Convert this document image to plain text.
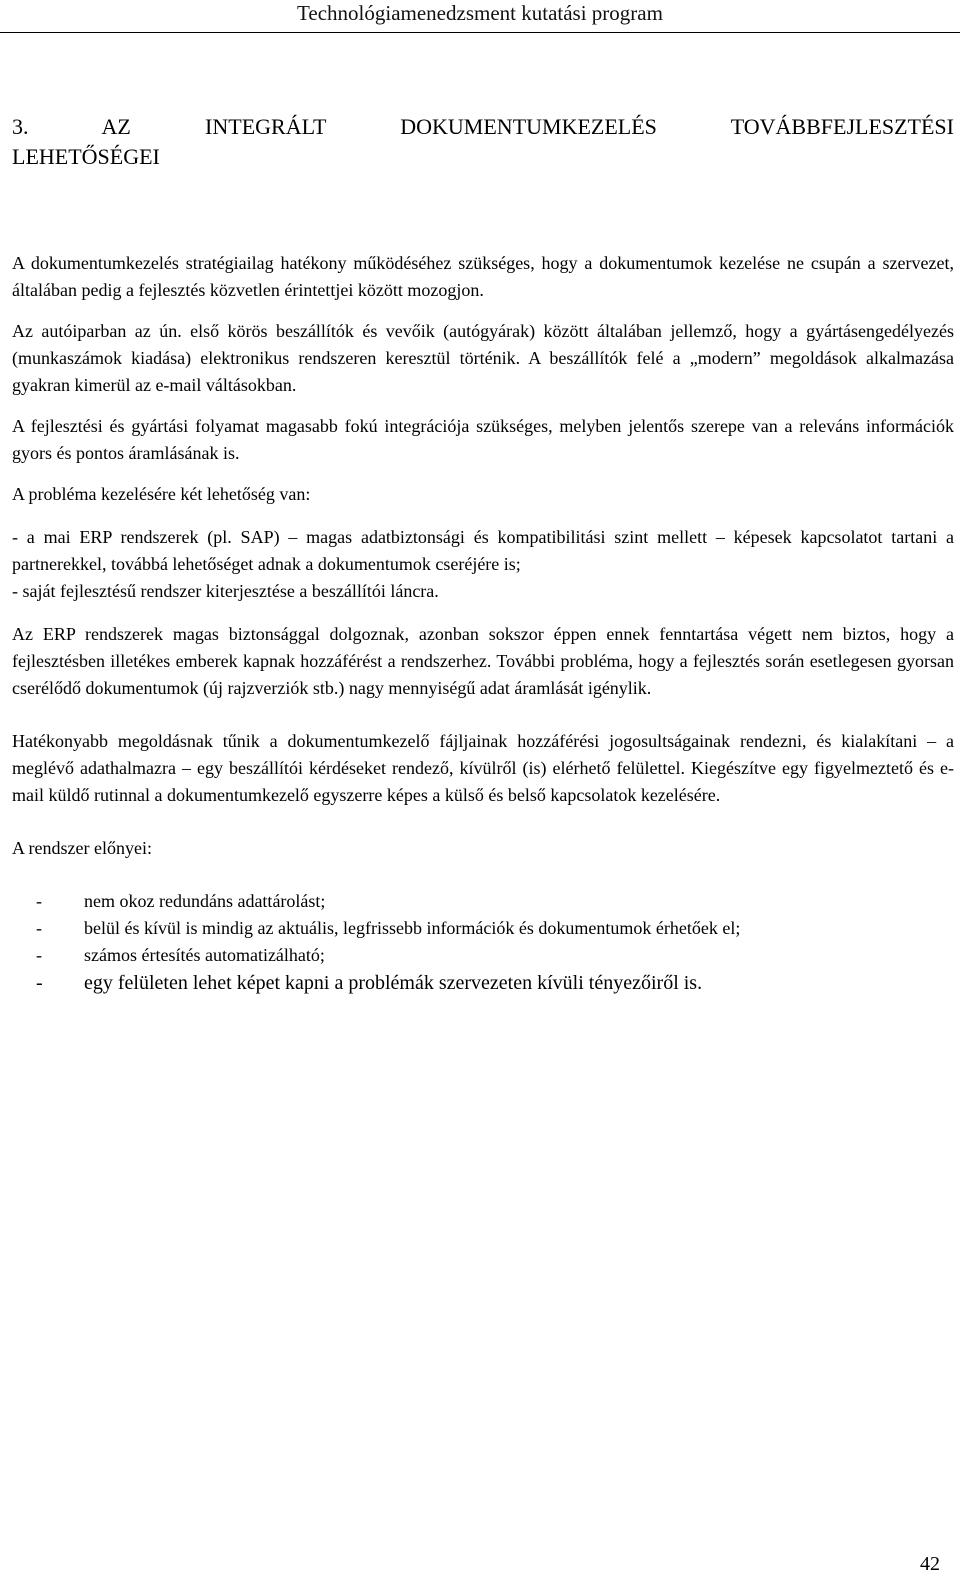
Technológiamenedzsment kutatási program
3. AZ INTEGRÁLT DOKUMENTUMKEZELÉS TOVÁBBFEJLESZTÉSI
LEHETŐSÉGEI

A dokumentumkezelés stratégiailag hatékony működéséhez szükséges, hogy a dokumentumok kezelése ne csupán a szervezet, általában pedig a fejlesztés közvetlen érintettjei között mozogjon.

Az autóiparban az ún. első körös beszállítók és vevőik (autógyárak) között általában jellemző, hogy a gyártásengedélyezés (munkaszámok kiadása) elektronikus rendszeren keresztül történik. A beszállítók felé a „modern” megoldások alkalmazása gyakran kimerül az e-mail váltásokban.

A fejlesztési és gyártási folyamat magasabb fokú integrációja szükséges, melyben jelentős szerepe van a releváns információk gyors és pontos áramlásának is.

A probléma kezelésére két lehetőség van:

- a mai ERP rendszerek (pl. SAP) – magas adatbiztonsági és kompatibilitási szint mellett – képesek kapcsolatot tartani a partnerekkel, továbbá lehetőséget adnak a dokumentumok cseréjére is;

- saját fejlesztésű rendszer kiterjesztése a beszállítói láncra.

Az ERP rendszerek magas biztonsággal dolgoznak, azonban sokszor éppen ennek fenntartása végett nem biztos, hogy a fejlesztésben illetékes emberek kapnak hozzáférést a rendszerhez. További probléma, hogy a fejlesztés során esetlegesen gyorsan cserélődő dokumentumok (új rajzverziók stb.) nagy mennyiségű adat áramlását igénylik.

Hatékonyabb megoldásnak tűnik a dokumentumkezelő fájljainak hozzáférési jogosultságainak rendezni, és kialakítani – a meglévő adathalmazra – egy beszállítói kérdéseket rendező, kívülről (is) elérhető felülettel. Kiegészítve egy figyelmeztető és e-mail küldő rutinnal a dokumentumkezelő egyszerre képes a külső és belső kapcsolatok kezelésére.

A rendszer előnyei:

-	nem okoz redundáns adattárolást;
-	belül és kívül is mindig az aktuális, legfrissebb információk és dokumentumok érhetőek el;
-	számos értesítés automatizálható;
-	egy felületen lehet képet kapni a problémák szervezeten kívüli tényezőiről is.
42
